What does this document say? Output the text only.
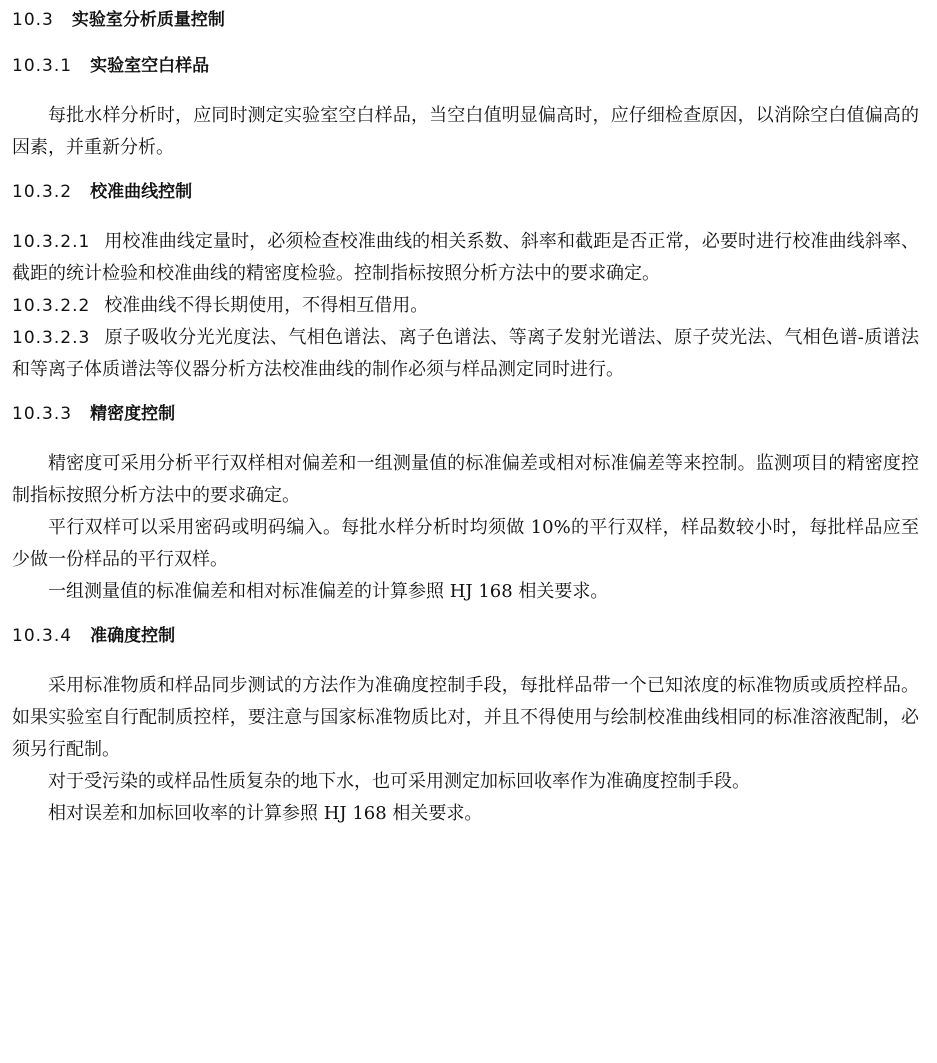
10.3 实验室分析质量控制
10.3.1 实验室空白样品

每批水样分析时，应同时测定实验室空白样品，当空白值明显偏高时，应仔细检查原因，以消除空白值偏高的因素，并重新分析。

10.3.2 校准曲线控制

10.3.2.1 用校准曲线定量时，必须检查校准曲线的相关系数、斜率和截距是否正常，必要时进行校准曲线斜率、截距的统计检验和校准曲线的精密度检验。控制指标按照分析方法中的要求确定。

10.3.2.2 校准曲线不得长期使用，不得相互借用。

10.3.2.3 原子吸收分光光度法、气相色谱法、离子色谱法、等离子发射光谱法、原子荧光法、气相色谱-质谱法和等离子体质谱法等仪器分析方法校准曲线的制作必须与样品测定同时进行。

10.3.3 精密度控制

精密度可采用分析平行双样相对偏差和一组测量值的标准偏差或相对标准偏差等来控制。监测项目的精密度控制指标按照分析方法中的要求确定。

平行双样可以采用密码或明码编入。每批水样分析时均须做 10%的平行双样，样品数较小时，每批样品应至少做一份样品的平行双样。

一组测量值的标准偏差和相对标准偏差的计算参照 HJ 168 相关要求。

10.3.4 准确度控制

采用标准物质和样品同步测试的方法作为准确度控制手段，每批样品带一个已知浓度的标准物质或质控样品。如果实验室自行配制质控样，要注意与国家标准物质比对，并且不得使用与绘制校准曲线相同的标准溶液配制，必须另行配制。

对于受污染的或样品性质复杂的地下水，也可采用测定加标回收率作为准确度控制手段。

相对误差和加标回收率的计算参照 HJ 168 相关要求。
